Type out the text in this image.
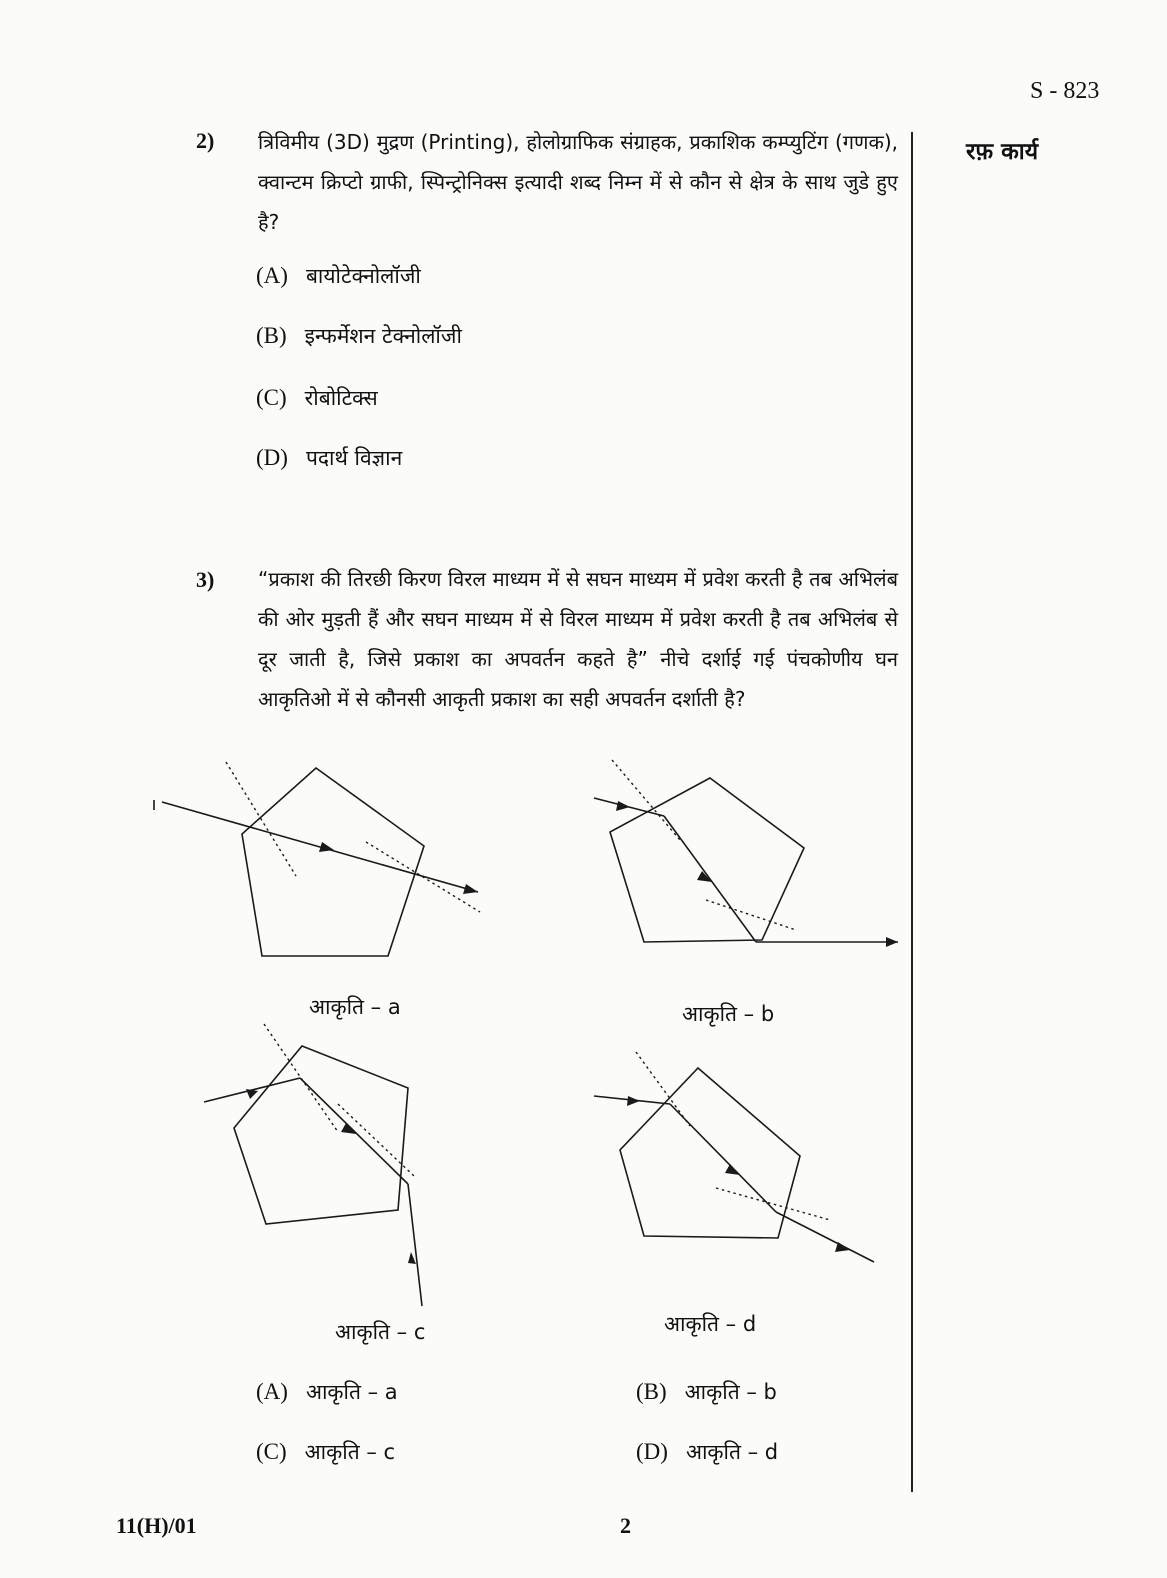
S - 823
रफ़ कार्य
2) त्रिविमीय (3D) मुद्रण (Printing), होलोग्राफिक संग्राहक, प्रकाशिक कम्प्युटिंग (गणक), क्वान्टम क्रिप्टो ग्राफी, स्पिन्ट्रोनिक्स इत्यादी शब्द निम्न में से कौन से क्षेत्र के साथ जुडे हुए है?
(A) बायोटेक्नोलॉजी
(B) इन्फर्मेशन टेक्नोलॉजी
(C) रोबोटिक्स
(D) पदार्थ विज्ञान
3) “प्रकाश की तिरछी किरण विरल माध्यम में से सघन माध्यम में प्रवेश करती है तब अभिलंब की ओर मुड़ती हैं और सघन माध्यम में से विरल माध्यम में प्रवेश करती है तब अभिलंब से दूर जाती है, जिसे प्रकाश का अपवर्तन कहते है” नीचे दर्शाई गई पंचकोणीय घन आकृतिओ में से कौनसी आकृती प्रकाश का सही अपवर्तन दर्शाती है?
आकृति – a	आकृति – b
आकृति – c	आकृति – d
(A) आकृति – a	(B) आकृति – b
(C) आकृति – c	(D) आकृति – d
11(H)/01	2
